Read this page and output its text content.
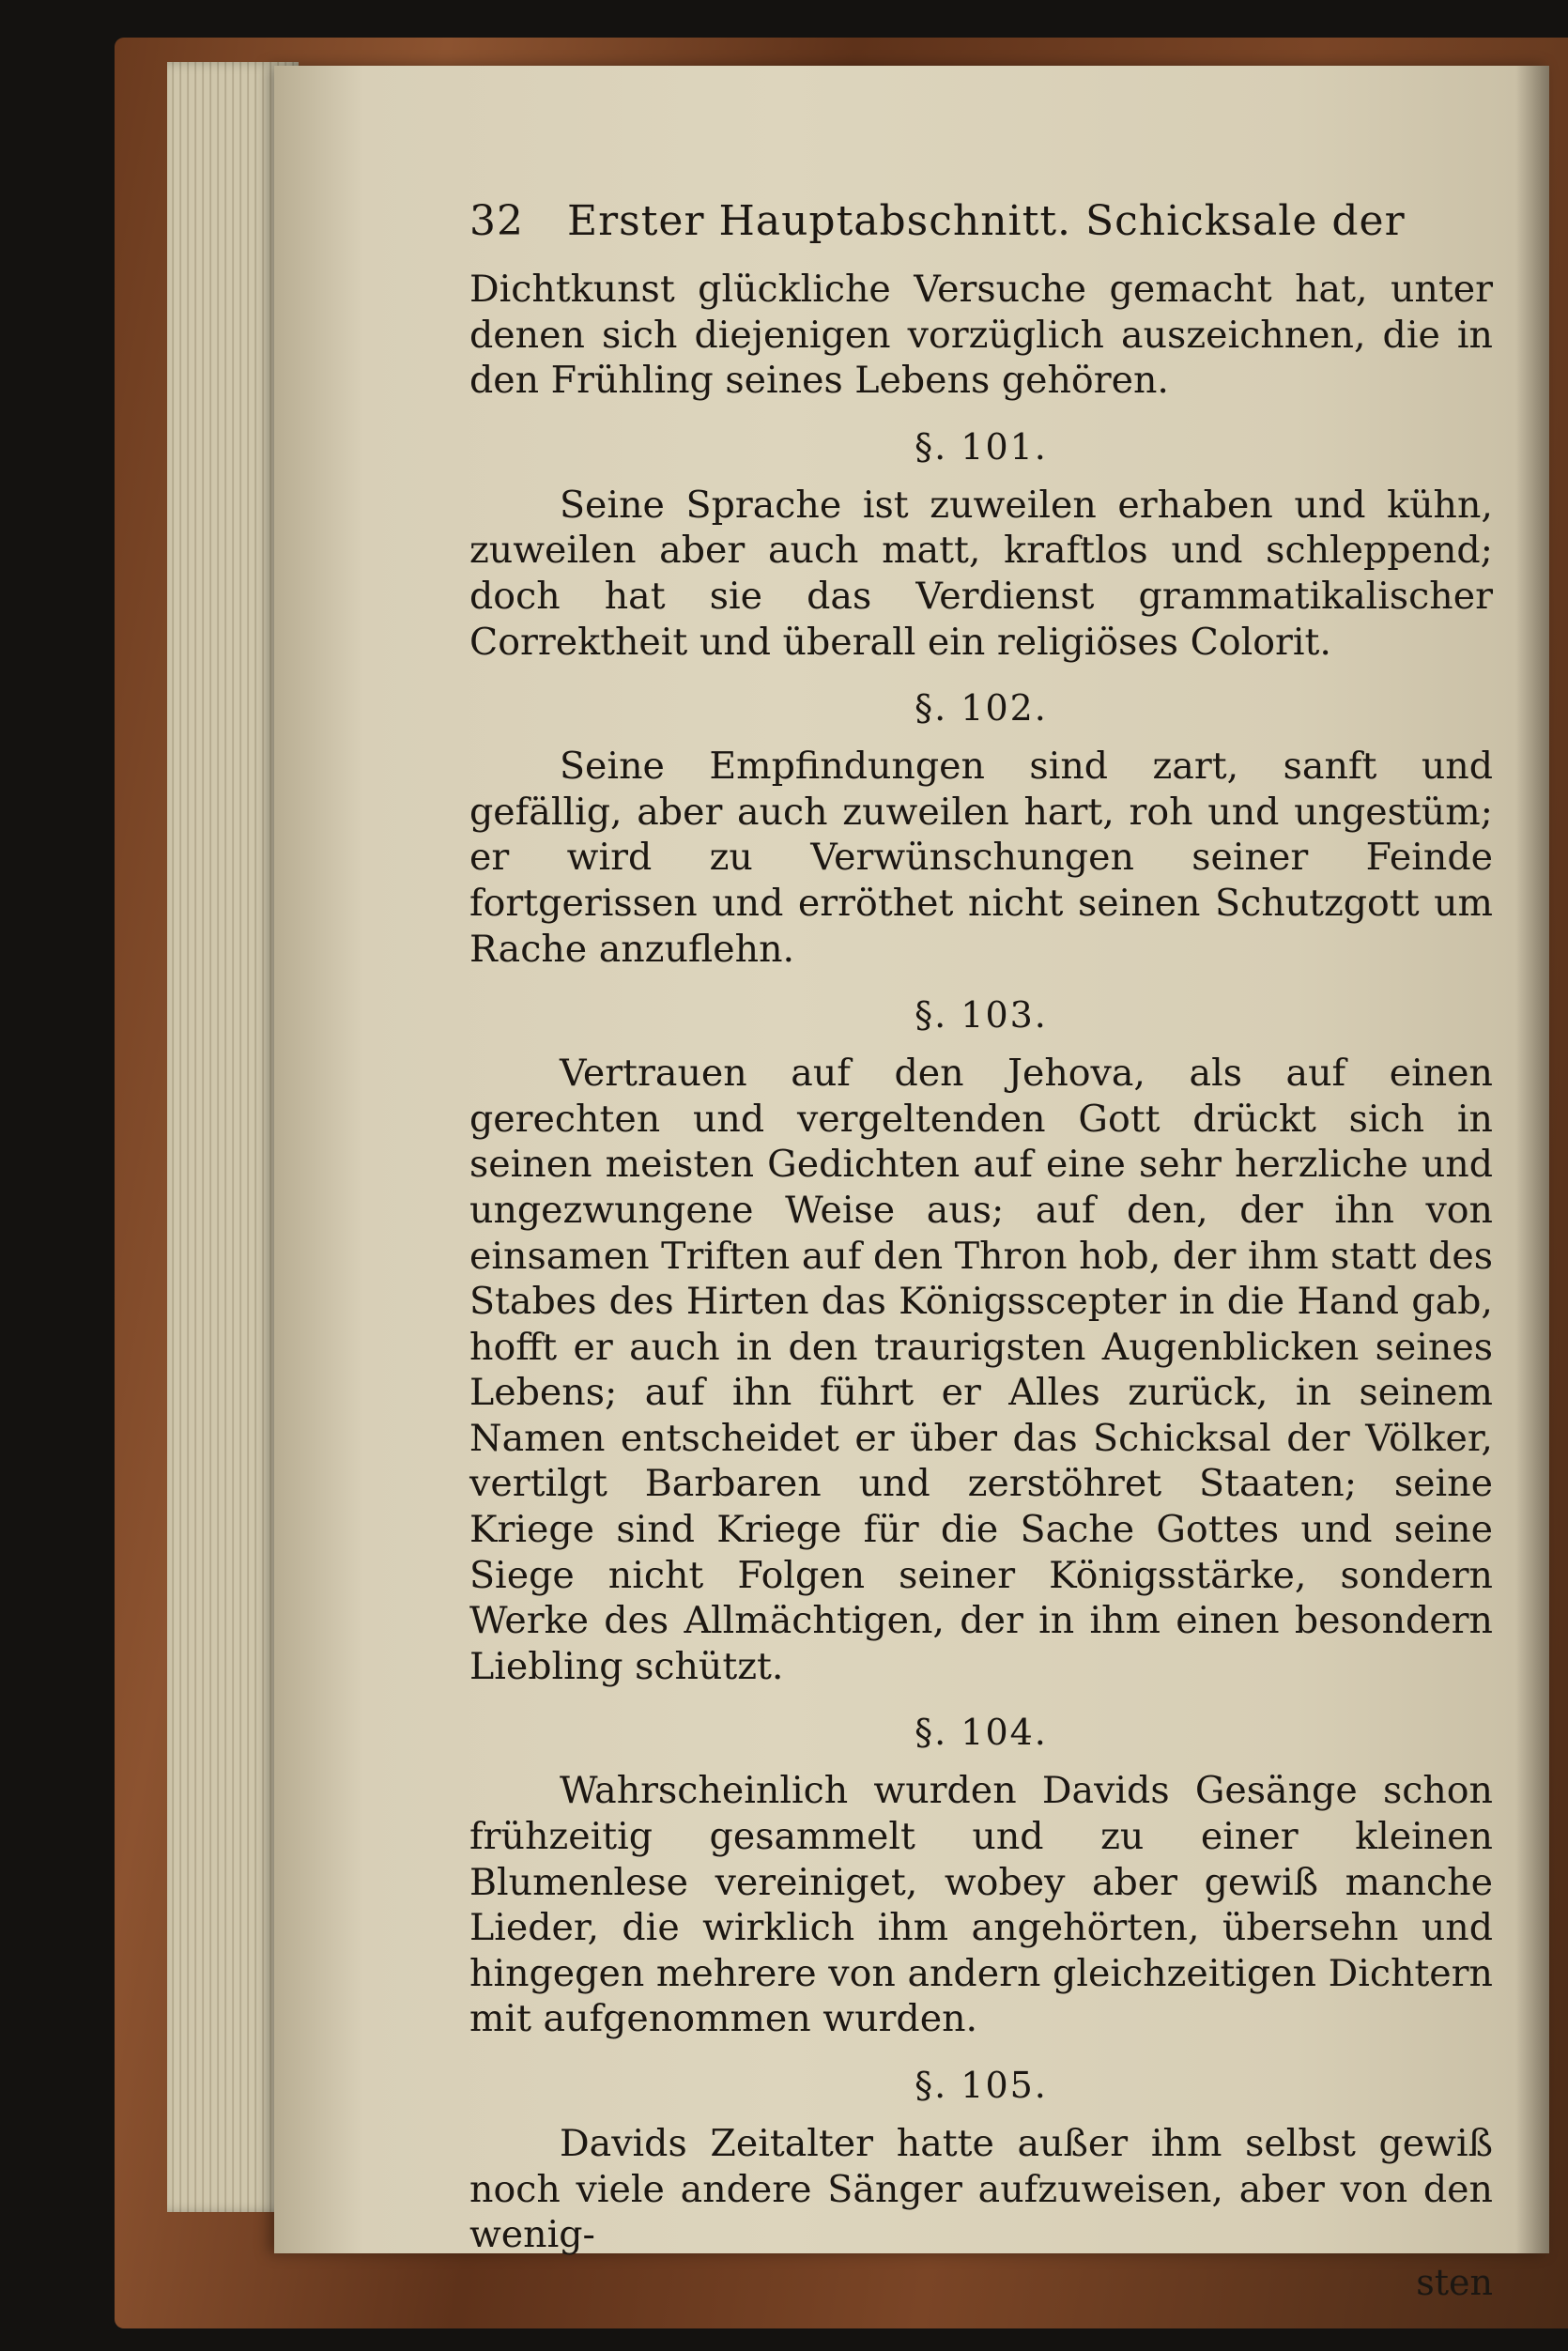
32	Erster Hauptabschnitt. Schicksale der

Dichtkunst glückliche Versuche gemacht hat, unter denen sich diejenigen vorzüglich auszeichnen, die in den Frühling seines Lebens gehören.

§. 101.

Seine Sprache ist zuweilen erhaben und kühn, zuweilen aber auch matt, kraftlos und schleppend; doch hat sie das Verdienst grammatikalischer Correktheit und überall ein religiöses Colorit.

§. 102.

Seine Empfindungen sind zart, sanft und gefällig, aber auch zuweilen hart, roh und ungestüm; er wird zu Verwünschungen seiner Feinde fortgerissen und erröthet nicht seinen Schutzgott um Rache anzuflehn.

§. 103.

Vertrauen auf den Jehova, als auf einen gerechten und vergeltenden Gott drückt sich in seinen meisten Gedichten auf eine sehr herzliche und ungezwungene Weise aus; auf den, der ihn von einsamen Triften auf den Thron hob, der ihm statt des Stabes des Hirten das Königsscepter in die Hand gab, hofft er auch in den traurigsten Augenblicken seines Lebens; auf ihn führt er Alles zurück, in seinem Namen entscheidet er über das Schicksal der Völker, vertilgt Barbaren und zerstöhret Staaten; seine Kriege sind Kriege für die Sache Gottes und seine Siege nicht Folgen seiner Königsstärke, sondern Werke des Allmächtigen, der in ihm einen besondern Liebling schützt.

§. 104.

Wahrscheinlich wurden Davids Gesänge schon frühzeitig gesammelt und zu einer kleinen Blumenlese vereiniget, wobey aber gewiß manche Lieder, die wirklich ihm angehörten, übersehn und hingegen mehrere von andern gleichzeitigen Dichtern mit aufgenommen wurden.

§. 105.

Davids Zeitalter hatte außer ihm selbst gewiß noch viele andere Sänger aufzuweisen, aber von den wenig-

sten
